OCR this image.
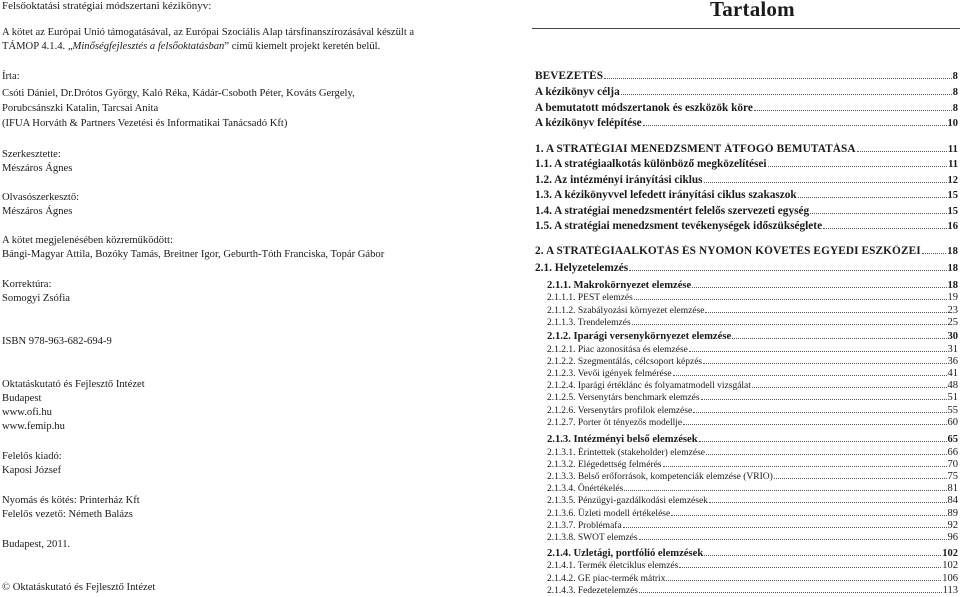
Felsőoktatási stratégiai módszertani kézikönyv:
A kötet az Európai Unió támogatásával, az Európai Szociális Alap társfinanszírozásával készült a
TÁMOP 4.1.4. „Minőségfejlesztés a felsőoktatásban” című kiemelt projekt keretén belül.
Írta:
Csóti Dániel, Dr.Drótos György, Kaló Réka, Kádár-Csoboth Péter, Kováts Gergely,
Porubcsánszki Katalin, Tarcsai Anita
(IFUA Horváth & Partners Vezetési és Informatikai Tanácsadó Kft)
Szerkesztette:
Mészáros Ágnes
Olvasószerkesztő:
Mészáros Ágnes
A kötet megjelenésében közreműködött:
Bángi-Magyar Attila, Bozóky Tamás, Breitner Igor, Geburth-Tóth Franciska, Topár Gábor
Korrektúra:
Somogyi Zsófia
ISBN 978-963-682-694-9
Oktatáskutató és Fejlesztő Intézet
Budapest
www.ofi.hu
www.femip.hu
Felelős kiadó:
Kaposi József
Nyomás és kötés: Printerház Kft
Felelős vezető: Németh Balázs
Budapest, 2011.
© Oktatáskutató és Fejlesztő Intézet
Tartalom
BEVEZETÉS	8
A kézikönyv célja	8
A bemutatott módszertanok és eszközök köre	8
A kézikönyv felépítése	10
1. A STRATÉGIAI MENEDZSMENT ÁTFOGÓ BEMUTATÁSA	11
1.1. A stratégiaalkotás különböző megközelítései	11
1.2. Az intézményi irányítási ciklus	12
1.3. A kézikönyvvel lefedett irányítási ciklus szakaszok	15
1.4. A stratégiai menedzsmentért felelős szervezeti egység	15
1.5. A stratégiai menedzsment tevékenységek időszükséglete	16
2. A STRATÉGIAALKOTÁS ÉS NYOMON KÖVETÉS EGYEDI ESZKÖZEI	18
2.1. Helyzetelemzés	18
2.1.1. Makrokörnyezet elemzése	18
2.1.1.1. PEST elemzés	19
2.1.1.2. Szabályozási környezet elemzése	23
2.1.1.3. Trendelemzés	25
2.1.2. Iparági versenykörnyezet elemzése	30
2.1.2.1. Piac azonosítása és elemzése	31
2.1.2.2. Szegmentálás, célcsoport képzés	36
2.1.2.3. Vevői igények felmérése	41
2.1.2.4. Iparági értéklánc és folyamatmodell vizsgálat	48
2.1.2.5. Versenytárs benchmark elemzés	51
2.1.2.6. Versenytárs profilok elemzése	55
2.1.2.7. Porter öt tényezős modellje	60
2.1.3. Intézményi belső elemzések	65
2.1.3.1. Érintettek (stakeholder) elemzése	66
2.1.3.2. Elégedettség felmérés	70
2.1.3.3. Belső erőforrások, kompetenciák elemzése (VRIO)	75
2.1.3.4. Önértékelés	81
2.1.3.5. Pénzügyi-gazdálkodási elemzések	84
2.1.3.6. Üzleti modell értékelése	89
2.1.3.7. Problémafa	92
2.1.3.8. SWOT elemzés	96
2.1.4. Üzletági, portfólió elemzések	102
2.1.4.1. Termék életciklus elemzés	102
2.1.4.2. GE piac-termék mátrix	106
2.1.4.3. Fedezetelemzés	113
